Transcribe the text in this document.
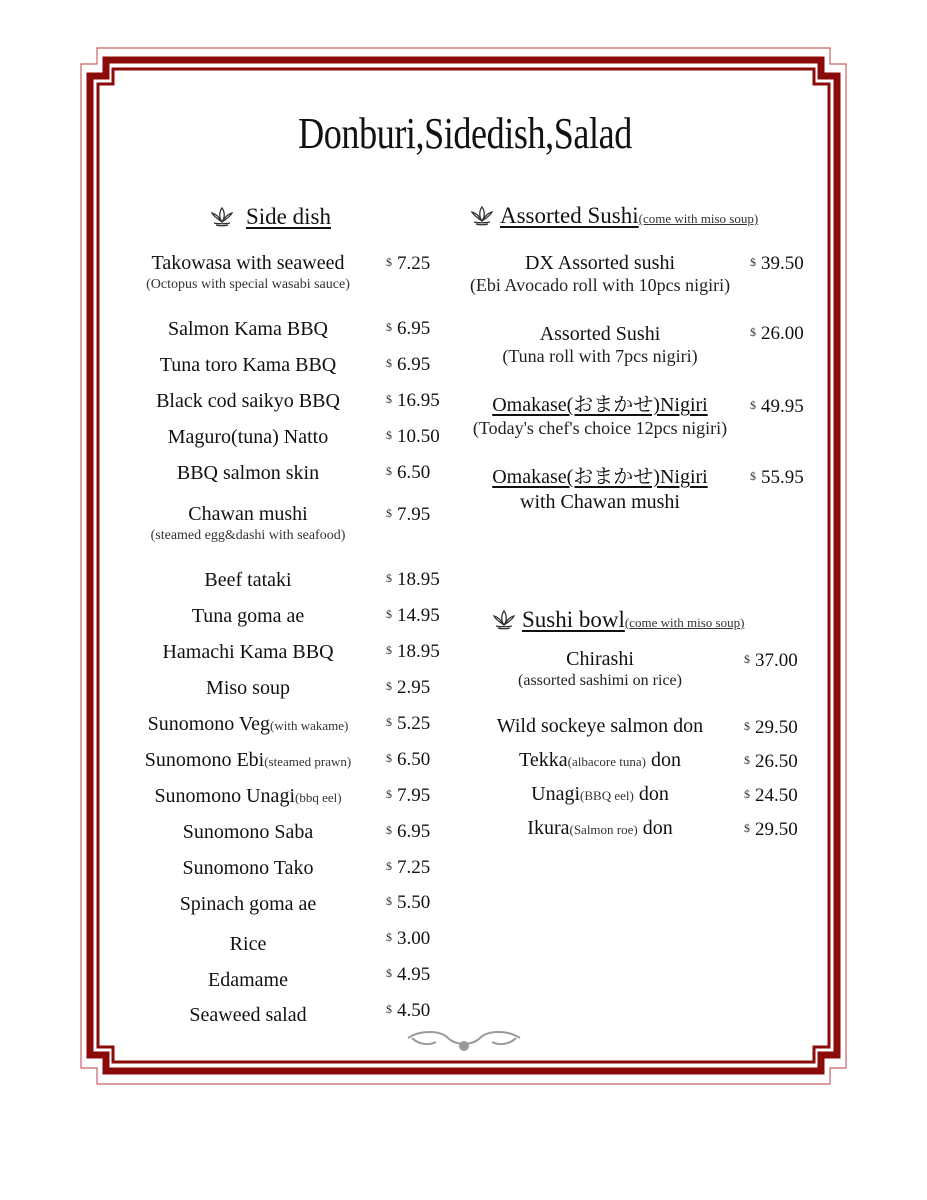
Donburi,Sidedish,Salad
Side dish	Assorted Sushi(come with miso soup)
Sushi bowl(come with miso soup)
Takowasa with seaweed
(Octopus with special wasabi sauce)
$ 7.25
Salmon Kama BBQ	$ 6.95
Tuna toro Kama BBQ	$ 6.95
Black cod saikyo BBQ	$ 16.95
Maguro(tuna) Natto	$ 10.50
BBQ salmon skin	$ 6.50
Chawan mushi
(steamed egg&dashi with seafood)
$ 7.95
Beef tataki	$ 18.95
Tuna goma ae	$ 14.95
Hamachi Kama BBQ	$ 18.95
Miso soup	$ 2.95
Sunomono Veg(with wakame)	$ 5.25
Sunomono Ebi(steamed prawn)	$ 6.50
Sunomono Unagi(bbq eel)	$ 7.95
Sunomono Saba	$ 6.95
Sunomono Tako	$ 7.25
Spinach goma ae	$ 5.50
Rice	$ 3.00
Edamame	$ 4.95
Seaweed salad	$ 4.50
DX Assorted sushi
(Ebi Avocado roll with 10pcs nigiri)
$ 39.50
Assorted Sushi
(Tuna roll with 7pcs nigiri)
$ 26.00
Omakase(おまかせ)Nigiri
(Today's chef's choice 12pcs nigiri)
$ 49.95
Omakase(おまかせ)Nigiri
with Chawan mushi
$ 55.95
Chirashi
(assorted sashimi on rice)
$ 37.00
Wild sockeye salmon don	$ 29.50
Tekka(albacore tuna) don	$ 26.50
Unagi(BBQ eel) don	$ 24.50
Ikura(Salmon roe) don	$ 29.50
